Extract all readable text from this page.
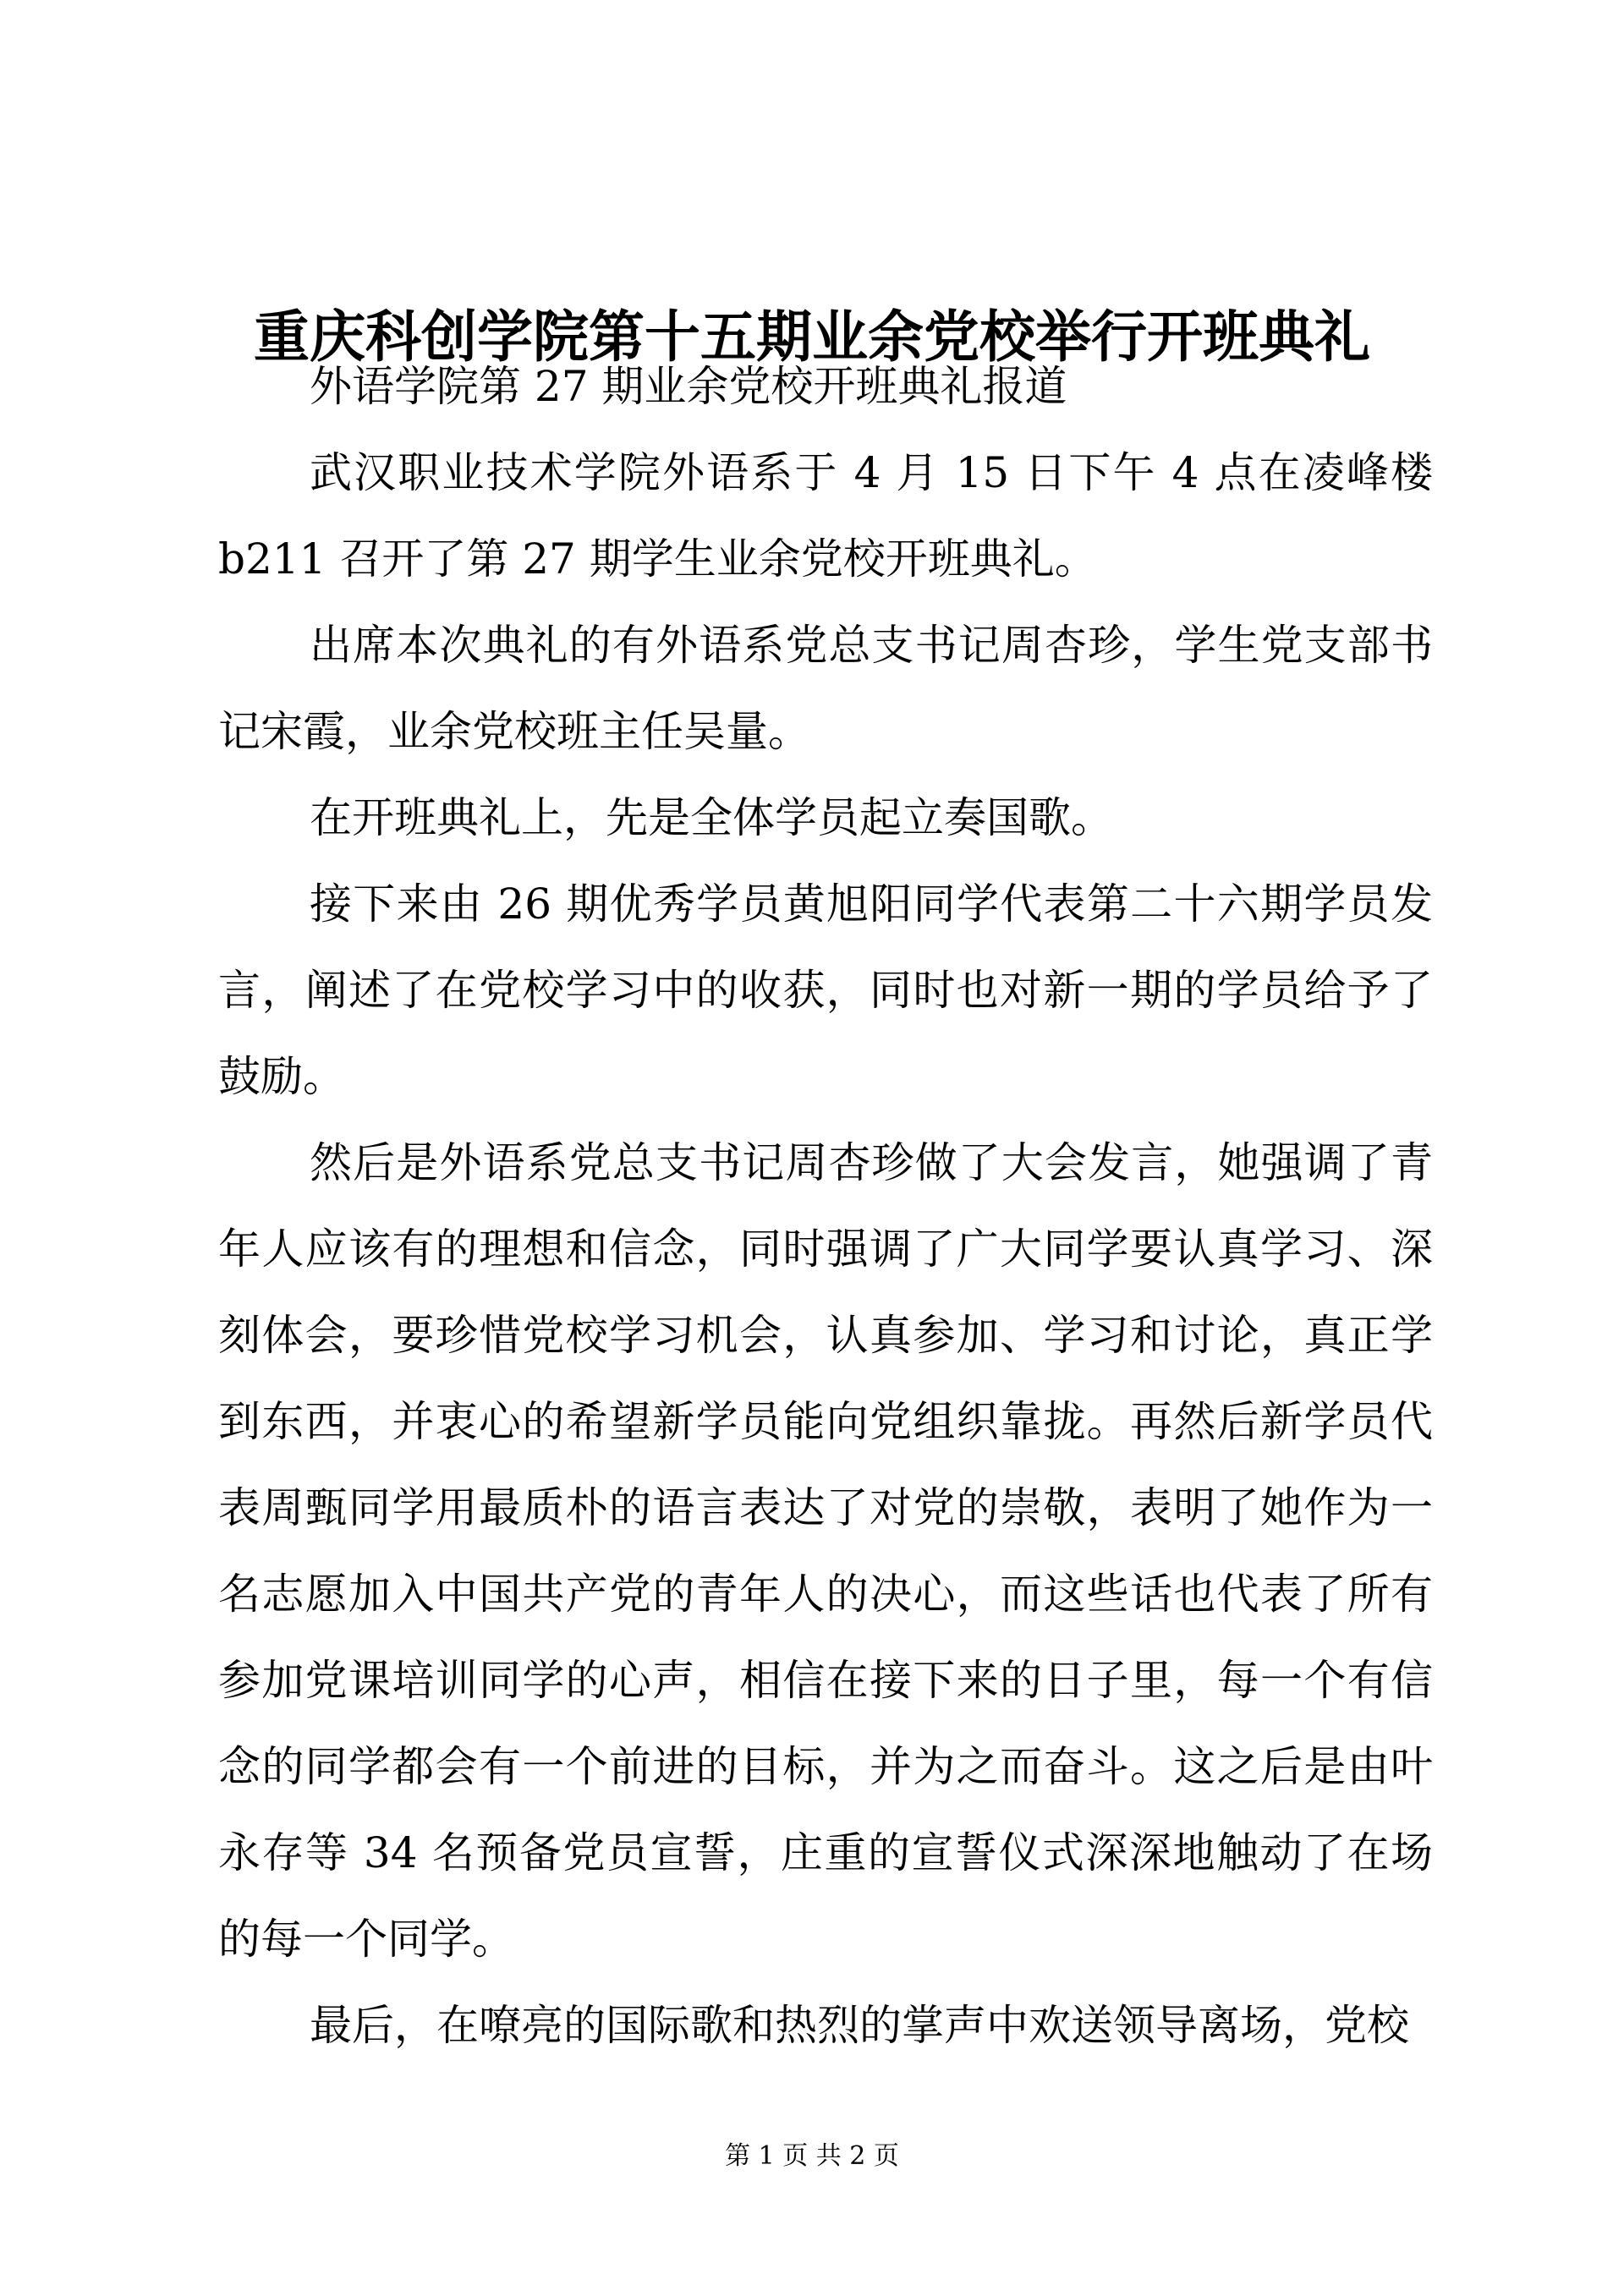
重庆科创学院第十五期业余党校举行开班典礼
外语学院第 27 期业余党校开班典礼报道
武汉职业技术学院外语系于 4 月 15 日下午 4 点在凌峰楼
b211 召开了第 27 期学生业余党校开班典礼。
出席本次典礼的有外语系党总支书记周杏珍，学生党支部书
记宋霞，业余党校班主任吴量。
在开班典礼上，先是全体学员起立奏国歌。
接下来由 26 期优秀学员黄旭阳同学代表第二十六期学员发
言，阐述了在党校学习中的收获，同时也对新一期的学员给予了
鼓励。
然后是外语系党总支书记周杏珍做了大会发言，她强调了青
年人应该有的理想和信念，同时强调了广大同学要认真学习、深
刻体会，要珍惜党校学习机会，认真参加、学习和讨论，真正学
到东西，并衷心的希望新学员能向党组织靠拢。再然后新学员代
表周甄同学用最质朴的语言表达了对党的崇敬，表明了她作为一
名志愿加入中国共产党的青年人的决心，而这些话也代表了所有
参加党课培训同学的心声，相信在接下来的日子里，每一个有信
念的同学都会有一个前进的目标，并为之而奋斗。这之后是由叶
永存等 34 名预备党员宣誓，庄重的宣誓仪式深深地触动了在场
的每一个同学。
最后，在嘹亮的国际歌和热烈的掌声中欢送领导离场，党校
第 1 页 共 2 页
